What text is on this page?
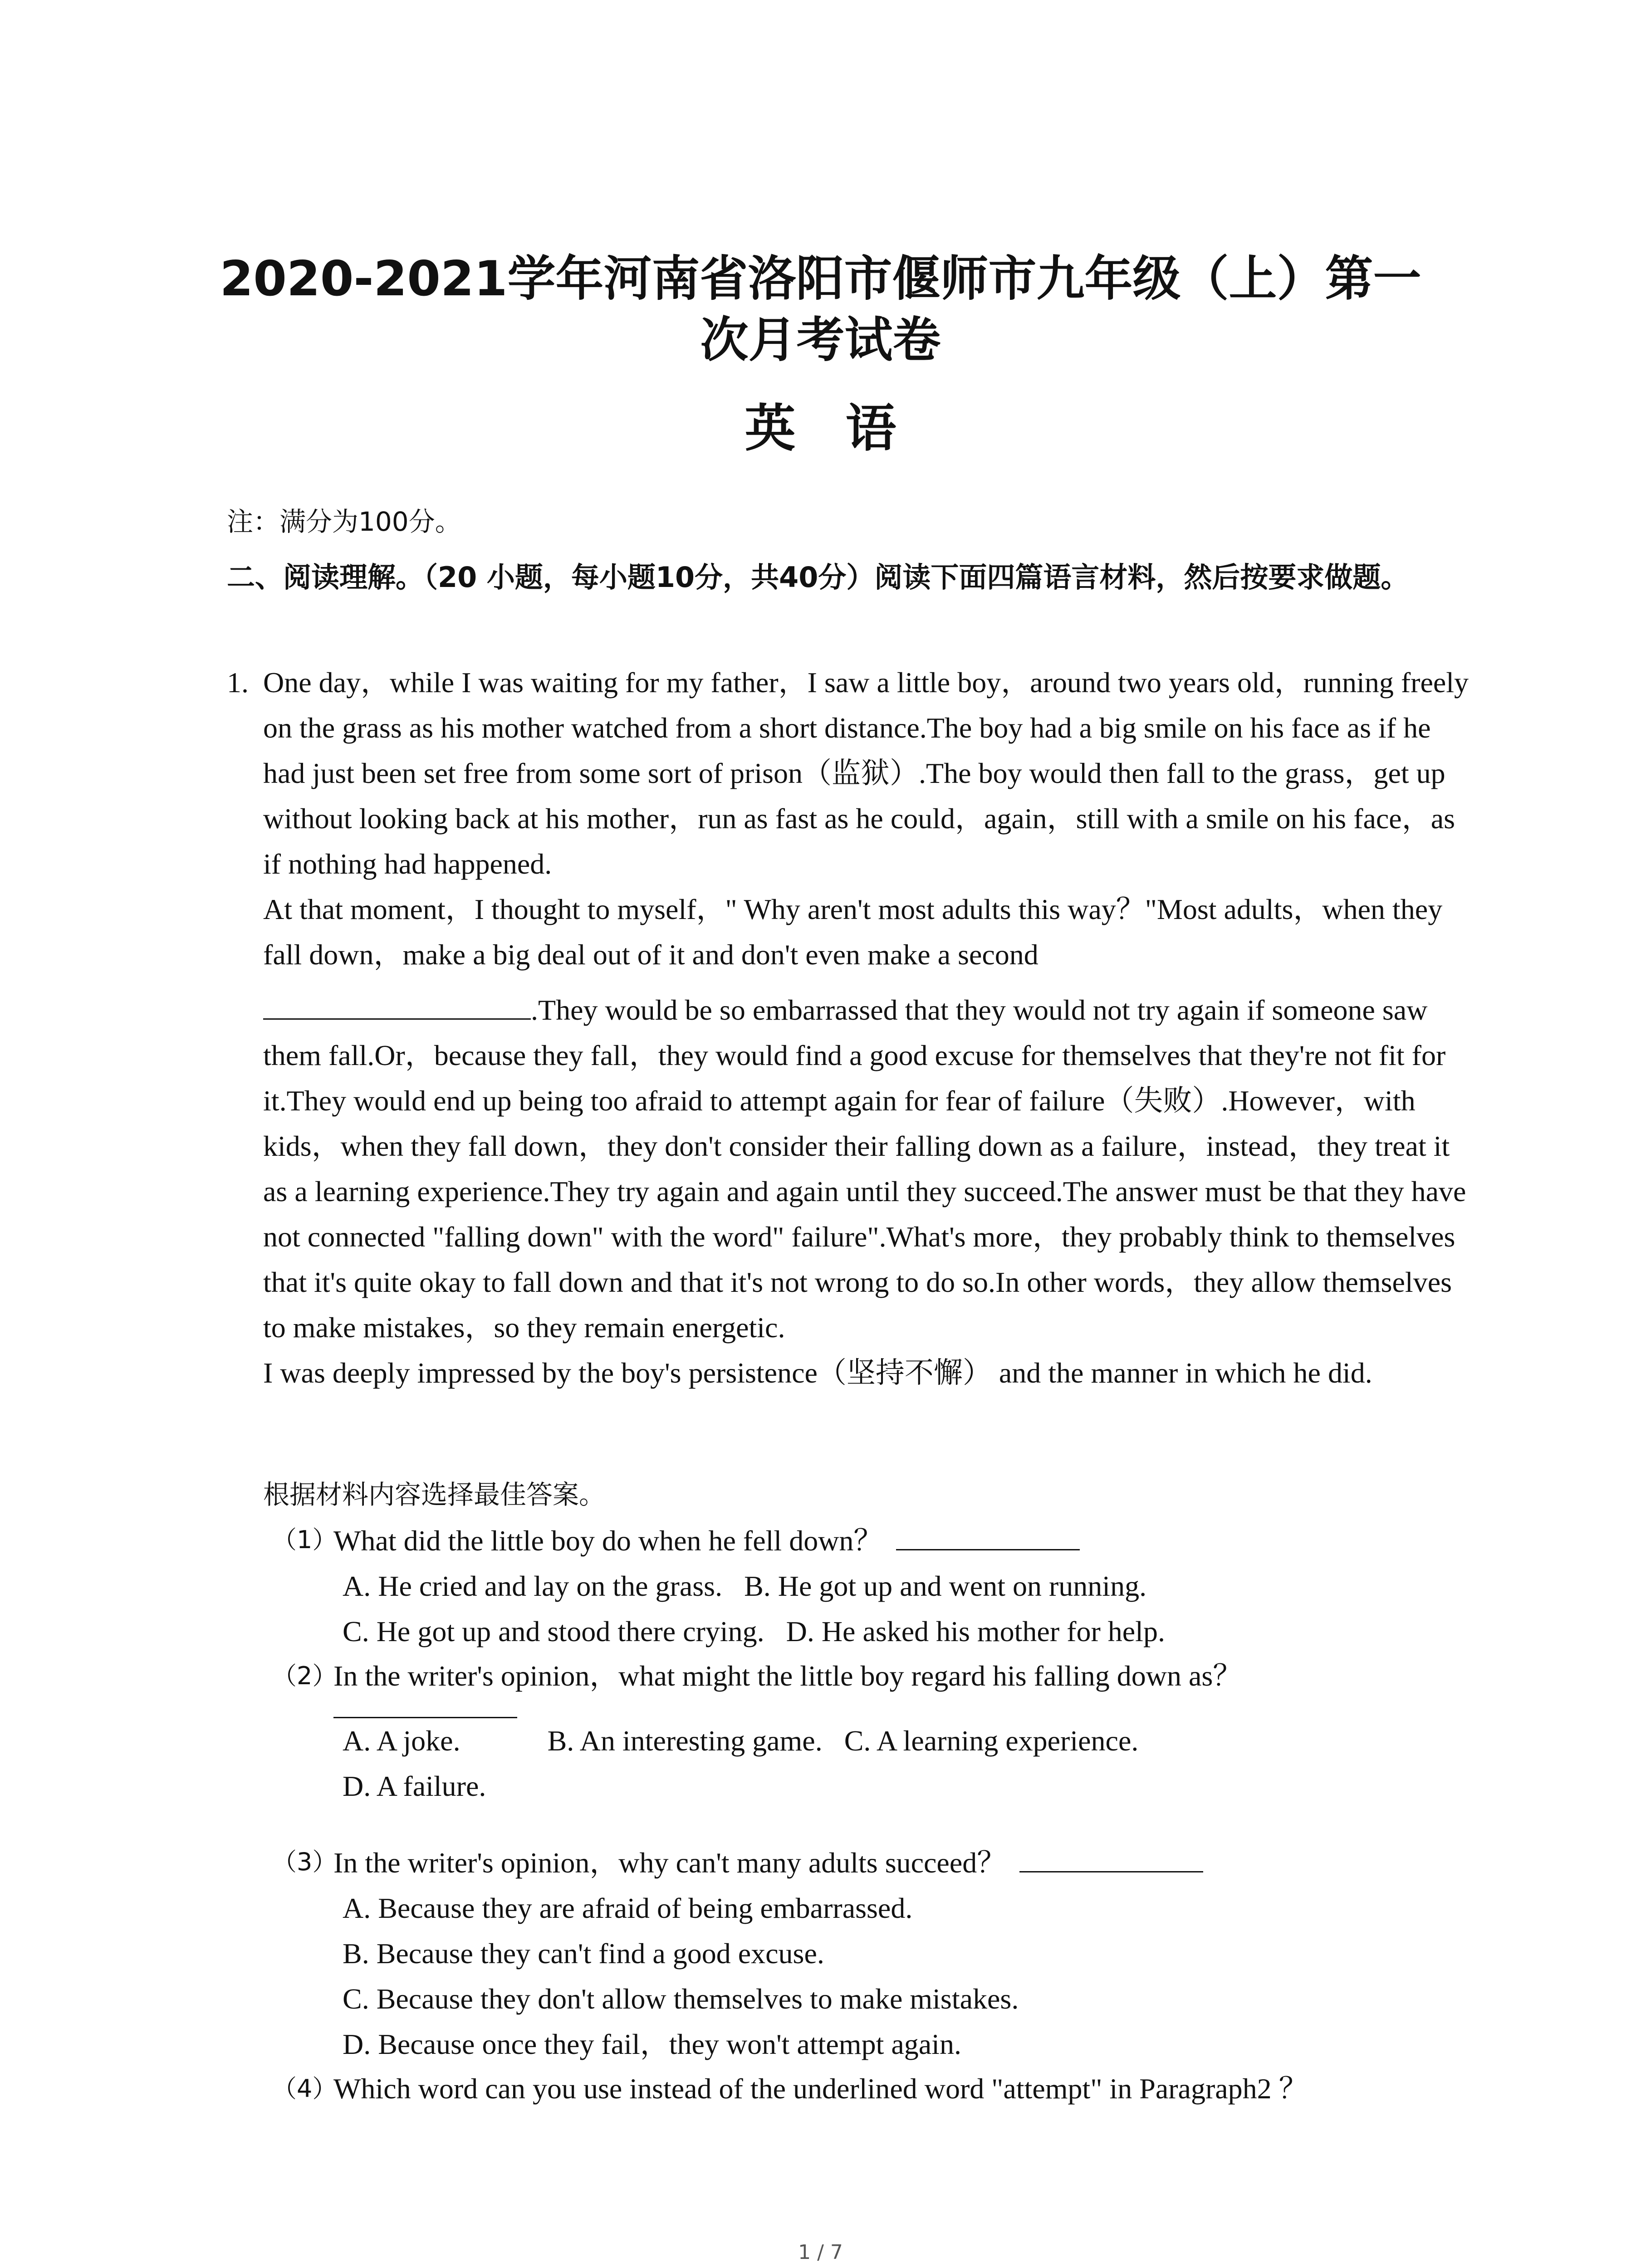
2020-2021学年河南省洛阳市偃师市九年级（上）第一
次月考试卷
英语
注：满分为100分。
二、阅读理解。（20 小题，每小题10分，共40分）阅读下面四篇语言材料，然后按要求做题。
1. One day，while I was waiting for my father，I saw a little boy，around two years old，running freely on the grass as his mother watched from a short distance.The boy had a big smile on his face as if he had just been set free from some sort of prison（监狱）.The boy would then fall to the grass，get up without looking back at his mother，run as fast as he could，again，still with a smile on his face，as if nothing had happened.

At that moment，I thought to myself，" Why aren't most adults this way？"Most adults，when they fall down，make a big deal out of it and don't even make a second
.They would be so embarrassed that they would not try again if someone saw them fall.Or，because they fall，they would find a good excuse for themselves that they're not fit for it.They would end up being too afraid to attempt again for fear of failure（失败）.However，with kids，when they fall down，they don't consider their falling down as a failure，instead，they treat it as a learning experience.They try again and again until they succeed.The answer must be that they have not connected "falling down" with the word" failure".What's more，they probably think to themselves that it's quite okay to fall down and that it's not wrong to do so.In other words，they allow themselves to make mistakes，so they remain energetic.

I was deeply impressed by the boy's persistence（坚持不懈） and the manner in which he did.

根据材料内容选择最佳答案。
（1）
What did the little boy do when he fell down？
A. He cried and lay on the grass.   B. He got up and went on running.
C. He got up and stood there crying.   D. He asked his mother for help.
（2）
In the writer's opinion，what might the little boy regard his falling down as？
A. A joke.            B. An interesting game.   C. A learning experience.
D. A failure.
（3）
In the writer's opinion，why can't many adults succeed？
A. Because they are afraid of being embarrassed.
B. Because they can't find a good excuse.
C. Because they don't allow themselves to make mistakes.
D. Because once they fail，they won't attempt again.
（4）
Which word can you use instead of the underlined word "attempt" in Paragraph2 ？
1 / 7
